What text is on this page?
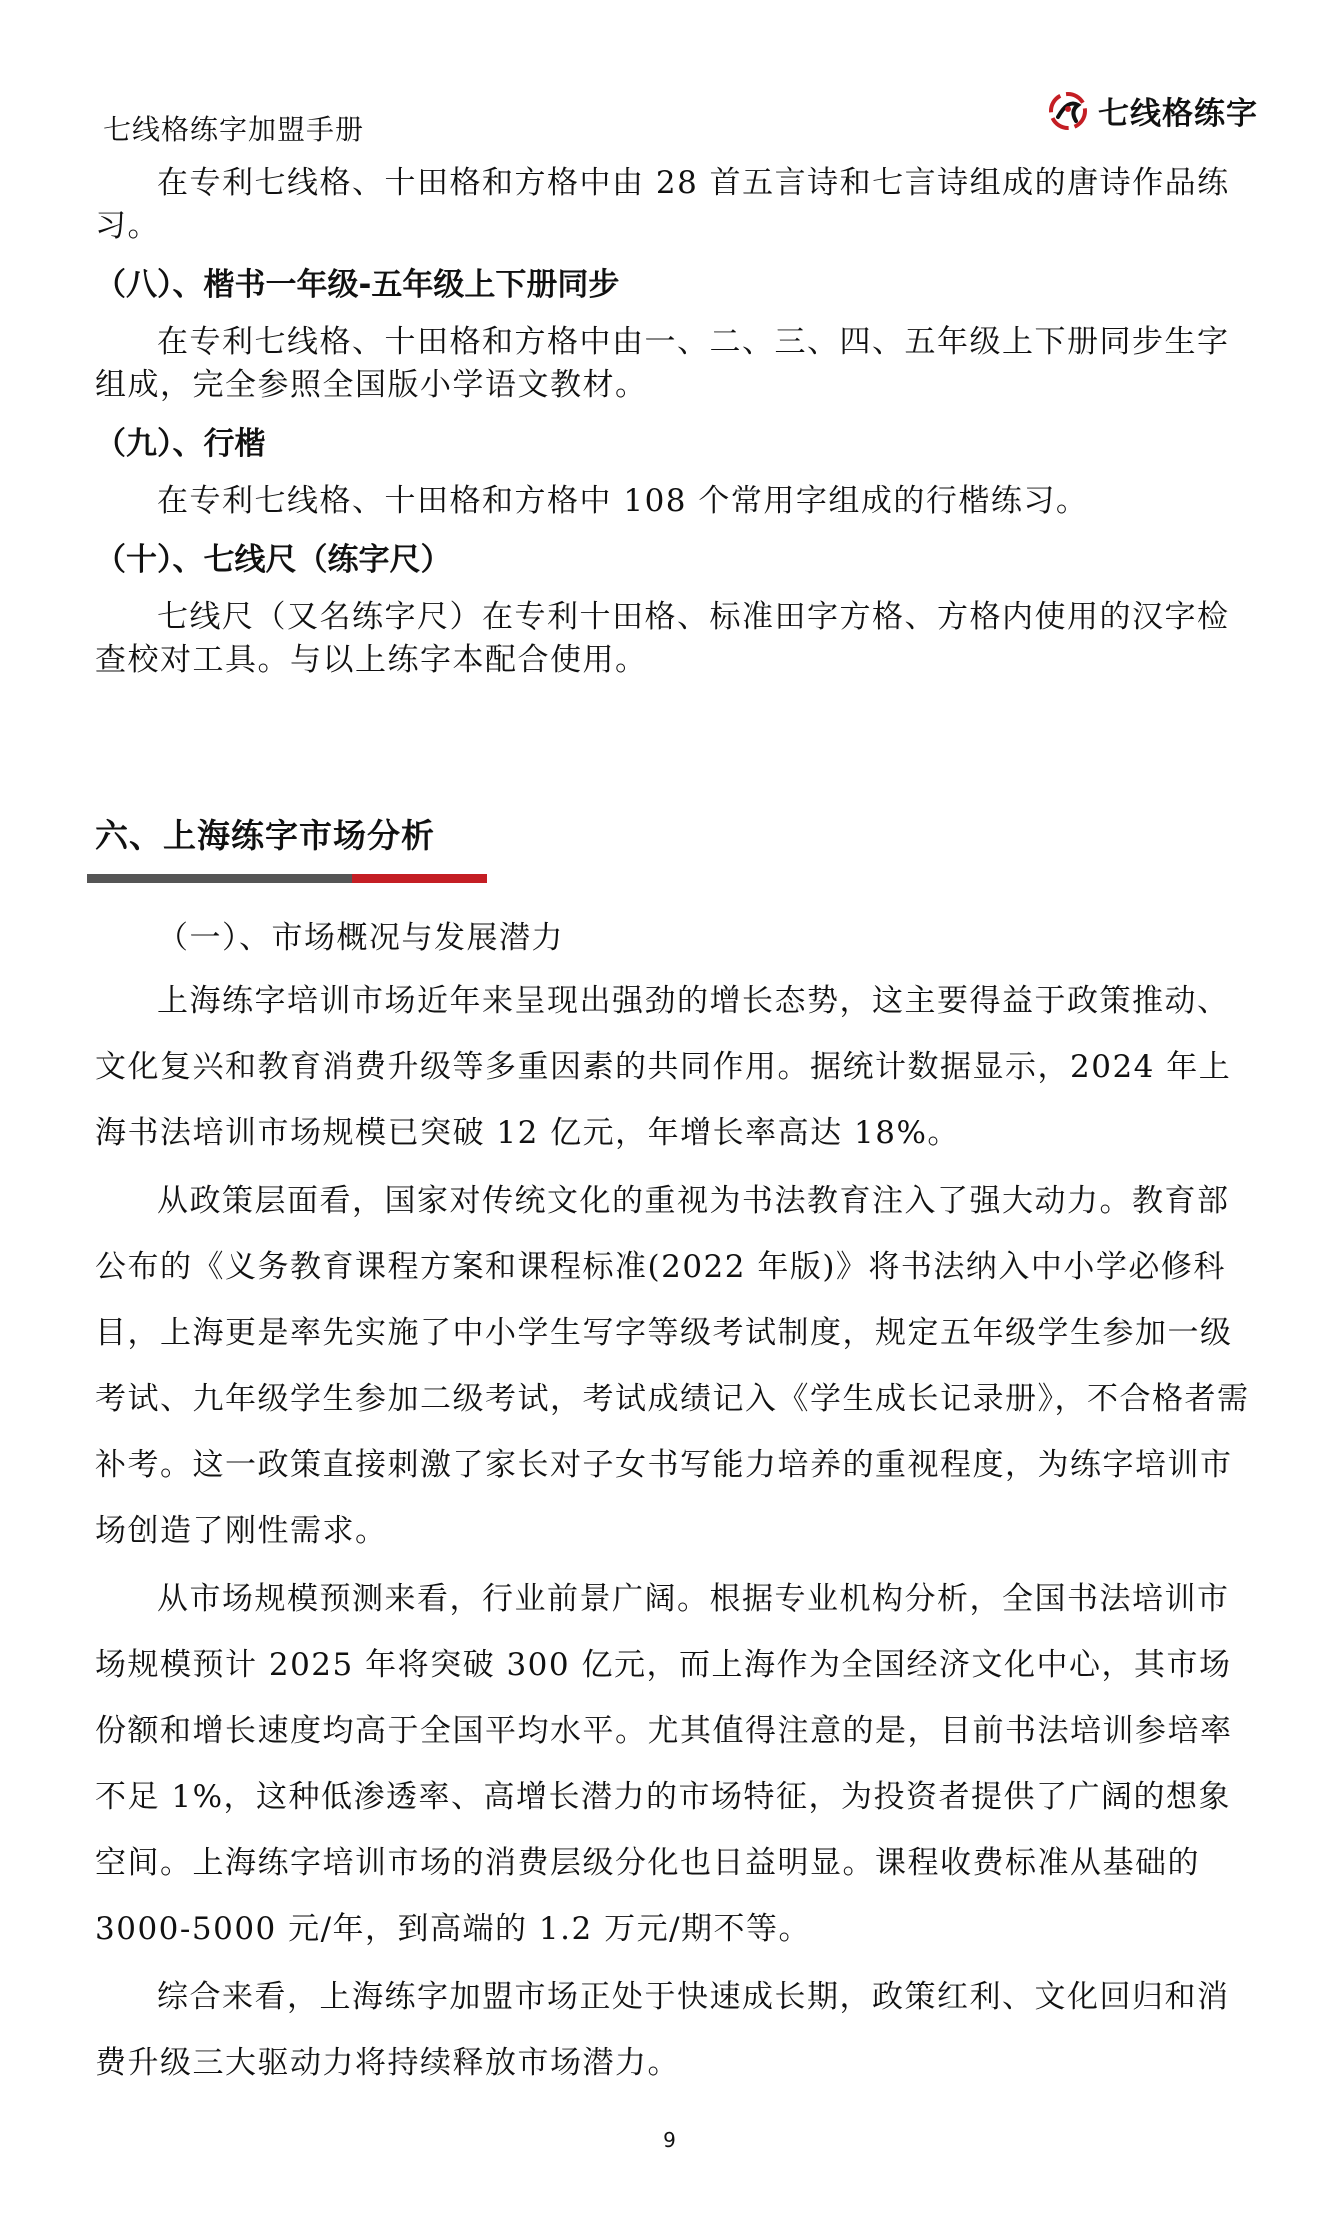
七线格练字加盟手册	七线格练字

在专利七线格、十田格和方格中由 28 首五言诗和七言诗组成的唐诗作品练习。

（八）、楷书一年级-五年级上下册同步

在专利七线格、十田格和方格中由一、二、三、四、五年级上下册同步生字组成，完全参照全国版小学语文教材。

（九）、行楷

在专利七线格、十田格和方格中 108 个常用字组成的行楷练习。

（十）、七线尺（练字尺）

七线尺（又名练字尺）在专利十田格、标准田字方格、方格内使用的汉字检查校对工具。与以上练字本配合使用。

六、上海练字市场分析

（一）、市场概况与发展潜力

上海练字培训市场近年来呈现出强劲的增长态势，这主要得益于政策推动、文化复兴和教育消费升级等多重因素的共同作用。据统计数据显示，2024 年上海书法培训市场规模已突破 12 亿元，年增长率高达 18%。

从政策层面看，国家对传统文化的重视为书法教育注入了强大动力。教育部公布的《义务教育课程方案和课程标准(2022 年版)》将书法纳入中小学必修科目，上海更是率先实施了中小学生写字等级考试制度，规定五年级学生参加一级考试、九年级学生参加二级考试，考试成绩记入《学生成长记录册》，不合格者需补考。这一政策直接刺激了家长对子女书写能力培养的重视程度，为练字培训市场创造了刚性需求。

从市场规模预测来看，行业前景广阔。根据专业机构分析，全国书法培训市场规模预计 2025 年将突破 300 亿元，而上海作为全国经济文化中心，其市场份额和增长速度均高于全国平均水平。尤其值得注意的是，目前书法培训参培率不足 1%，这种低渗透率、高增长潜力的市场特征，为投资者提供了广阔的想象空间。上海练字培训市场的消费层级分化也日益明显。课程收费标准从基础的 3000-5000 元/年，到高端的 1.2 万元/期不等。

综合来看，上海练字加盟市场正处于快速成长期，政策红利、文化回归和消费升级三大驱动力将持续释放市场潜力。

9
